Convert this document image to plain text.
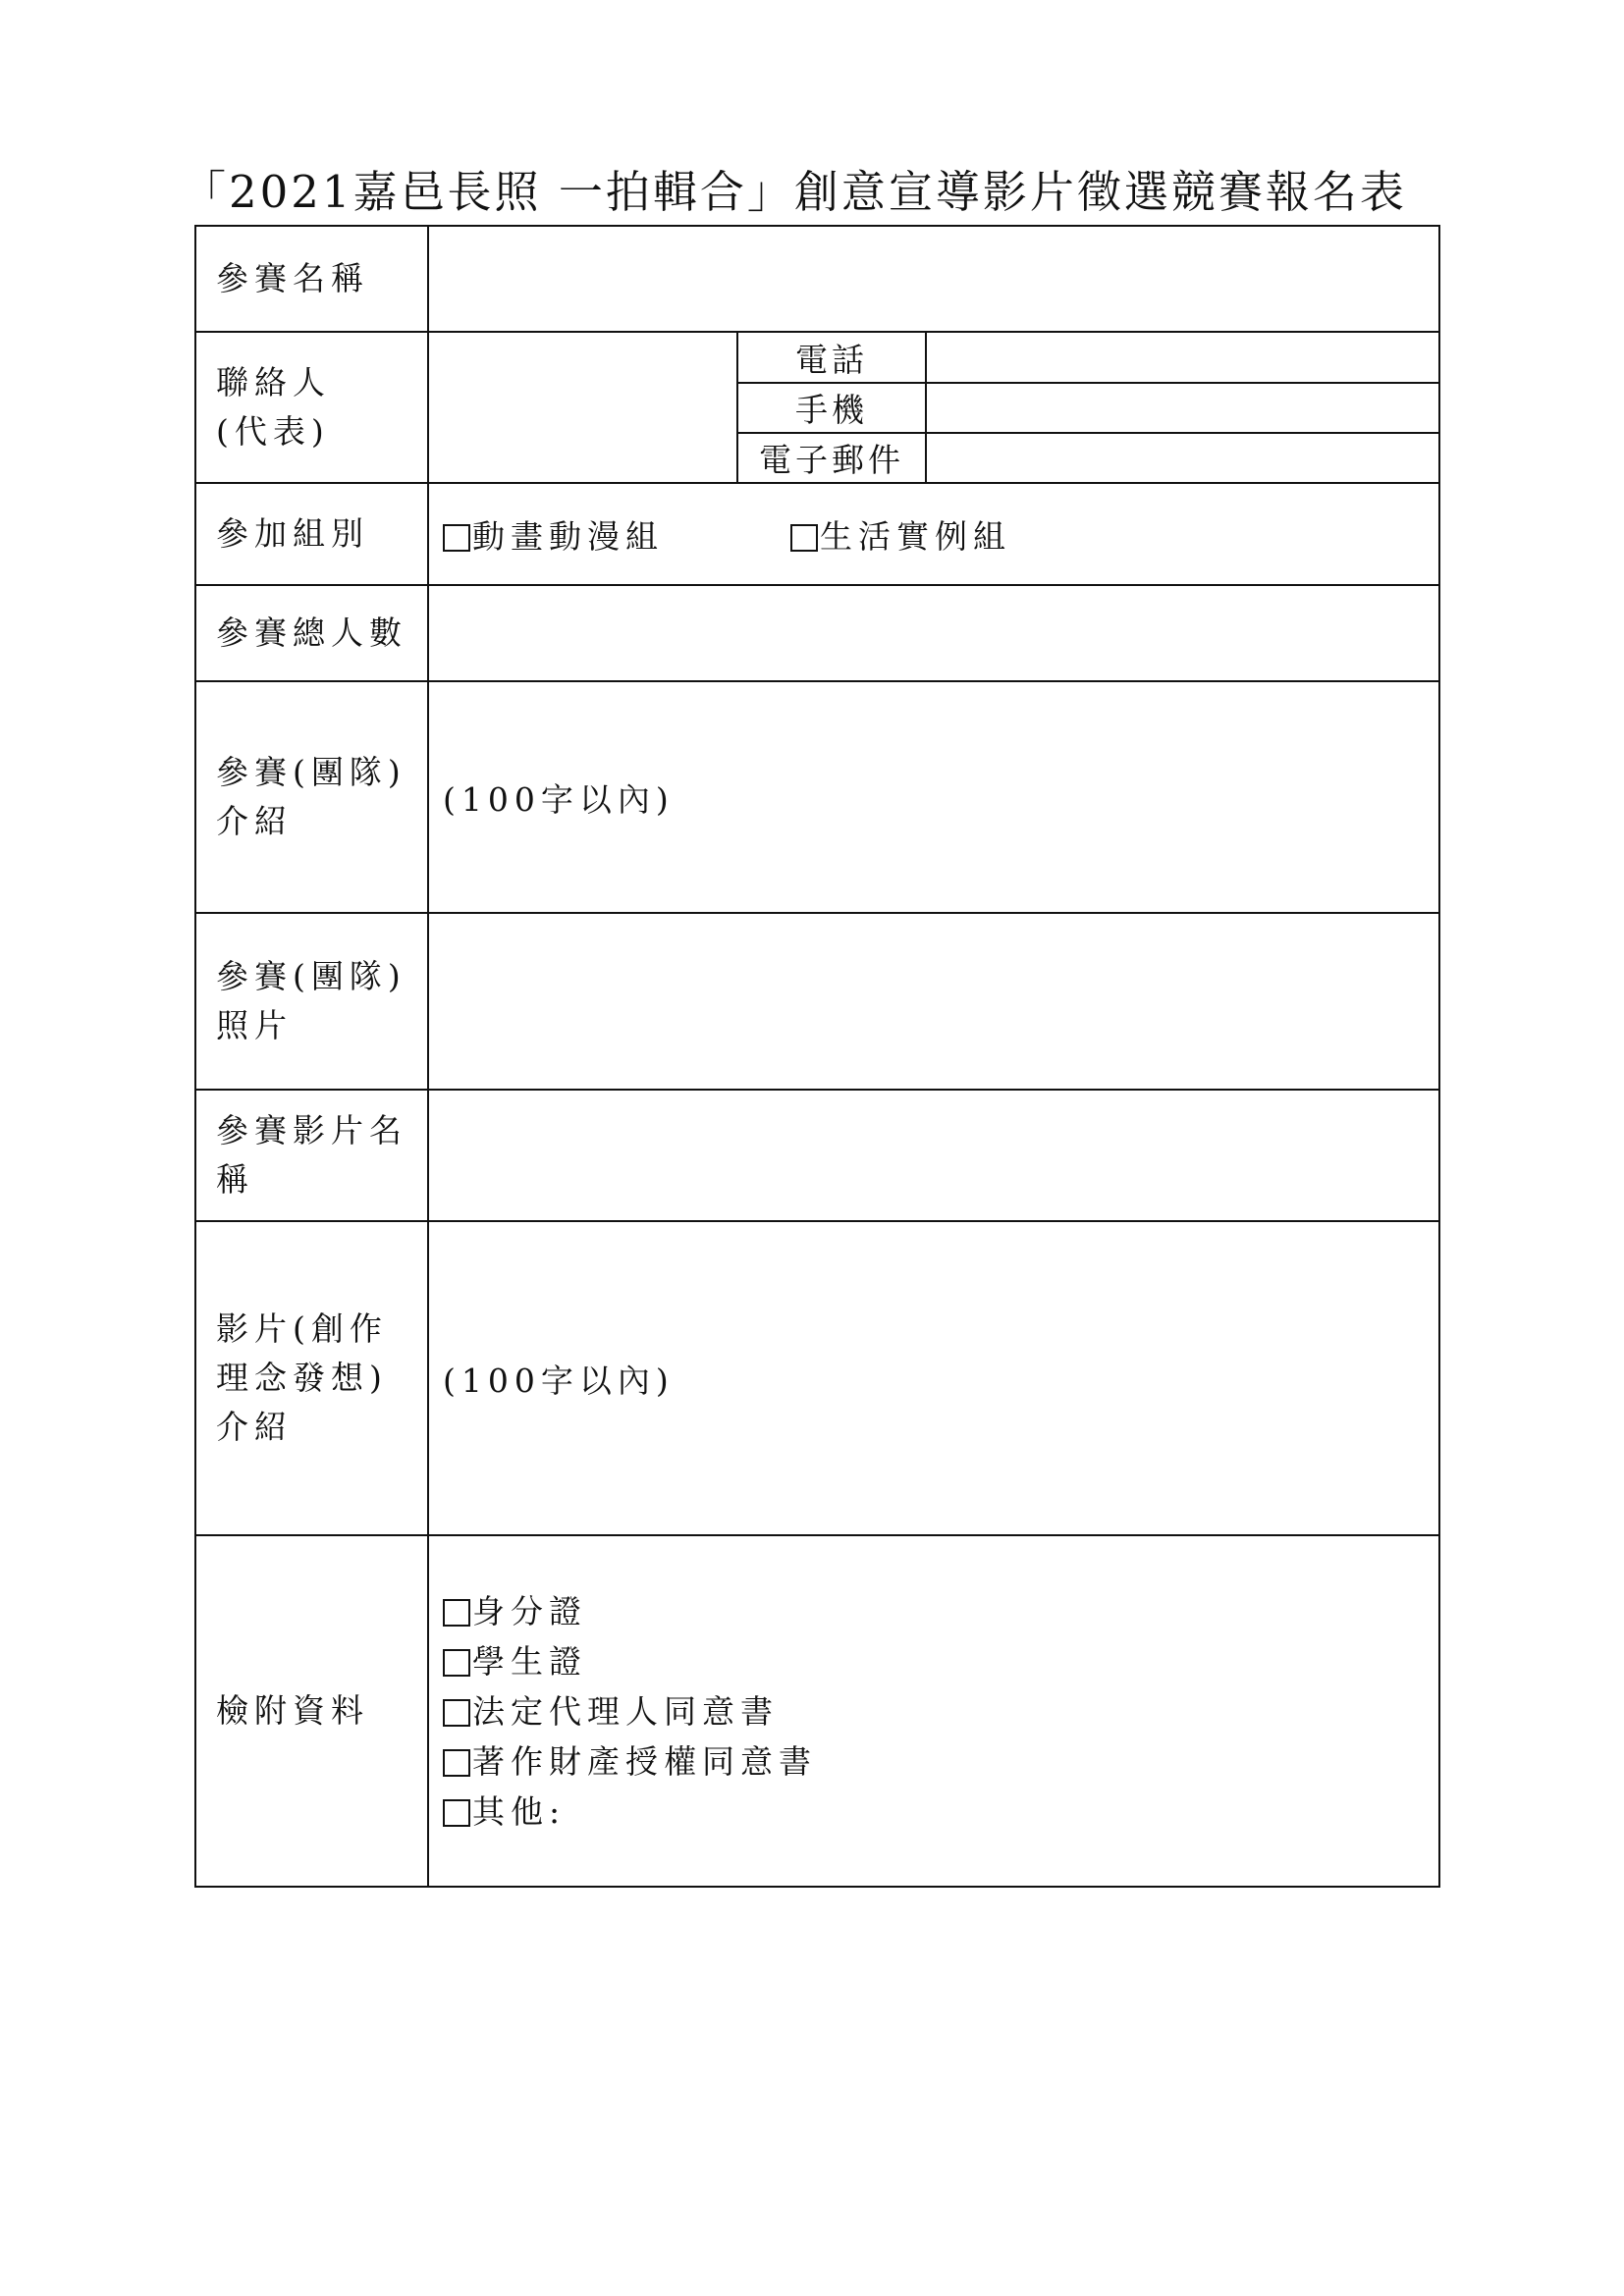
「2021嘉邑長照 一拍輯合」創意宣導影片徵選競賽報名表
參賽名稱			

聯絡人
(代表)		電話	
		手機	
		電子郵件	
參加組別	動畫動漫組 生活實例組		
參賽總人數			

參賽(團隊)
介紹	(100字以內)		

參賽(團隊)
照片			

參賽影片名
稱			

影片(創作
理念發想)
介紹	(100字以內)		
檢附資料	身分證
學生證
法定代理人同意書
著作財產授權同意書
其他:		
